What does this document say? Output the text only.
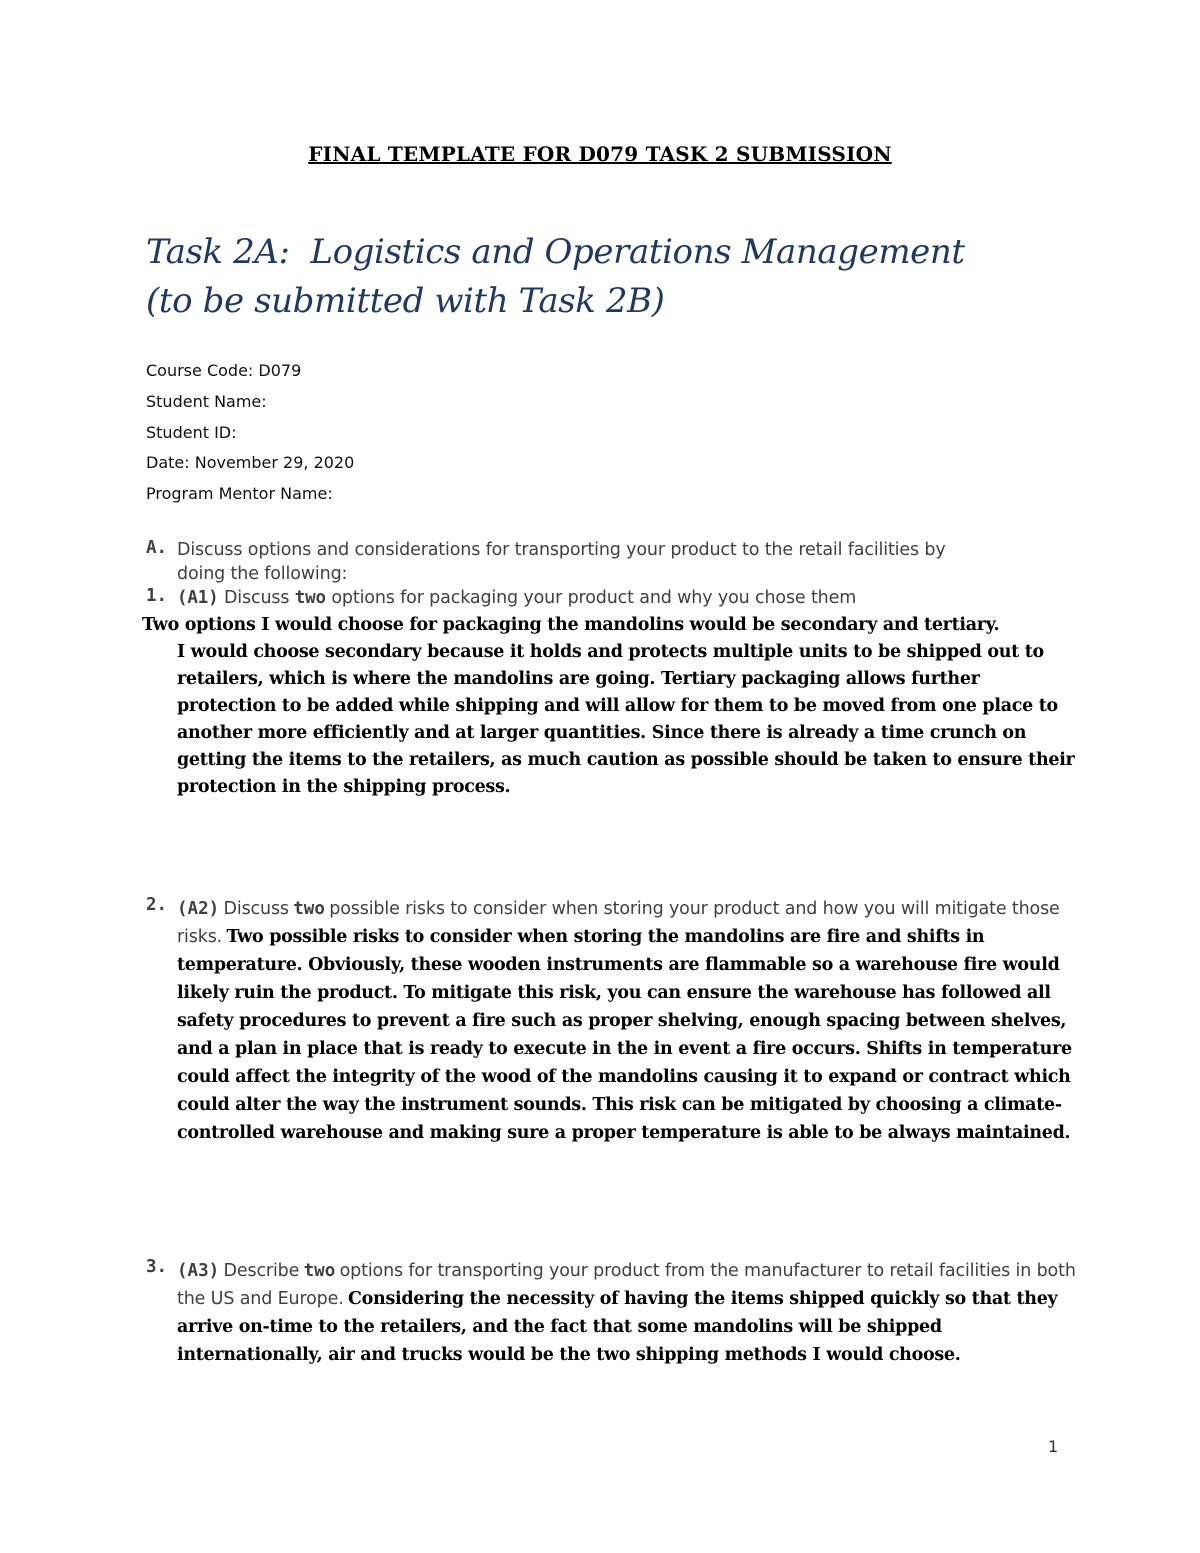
FINAL TEMPLATE FOR D079 TASK 2 SUBMISSION
Task 2A:  Logistics and Operations Management
(to be submitted with Task 2B)
Course Code: D079
Student Name:
Student ID:
Date: November 29, 2020
Program Mentor Name:
A. Discuss options and considerations for transporting your product to the retail facilities by
doing the following:
1. (A1) Discuss two options for packaging your product and why you chose them
Two options I would choose for packaging the mandolins would be secondary and tertiary.
I would choose secondary because it holds and protects multiple units to be shipped out to retailers, which is where the mandolins are going. Tertiary packaging allows further protection to be added while shipping and will allow for them to be moved from one place to another more efficiently and at larger quantities. Since there is already a time crunch on getting the items to the retailers, as much caution as possible should be taken to ensure their protection in the shipping process.
2. (A2) Discuss two possible risks to consider when storing your product and how you will mitigate those risks. Two possible risks to consider when storing the mandolins are fire and shifts in temperature. Obviously, these wooden instruments are flammable so a warehouse fire would likely ruin the product. To mitigate this risk, you can ensure the warehouse has followed all safety procedures to prevent a fire such as proper shelving, enough spacing between shelves, and a plan in place that is ready to execute in the in event a fire occurs. Shifts in temperature could affect the integrity of the wood of the mandolins causing it to expand or contract which could alter the way the instrument sounds. This risk can be mitigated by choosing a climate-controlled warehouse and making sure a proper temperature is able to be always maintained.
3. (A3) Describe two options for transporting your product from the manufacturer to retail facilities in both the US and Europe. Considering the necessity of having the items shipped quickly so that they arrive on-time to the retailers, and the fact that some mandolins will be shipped internationally, air and trucks would be the two shipping methods I would choose.
1
